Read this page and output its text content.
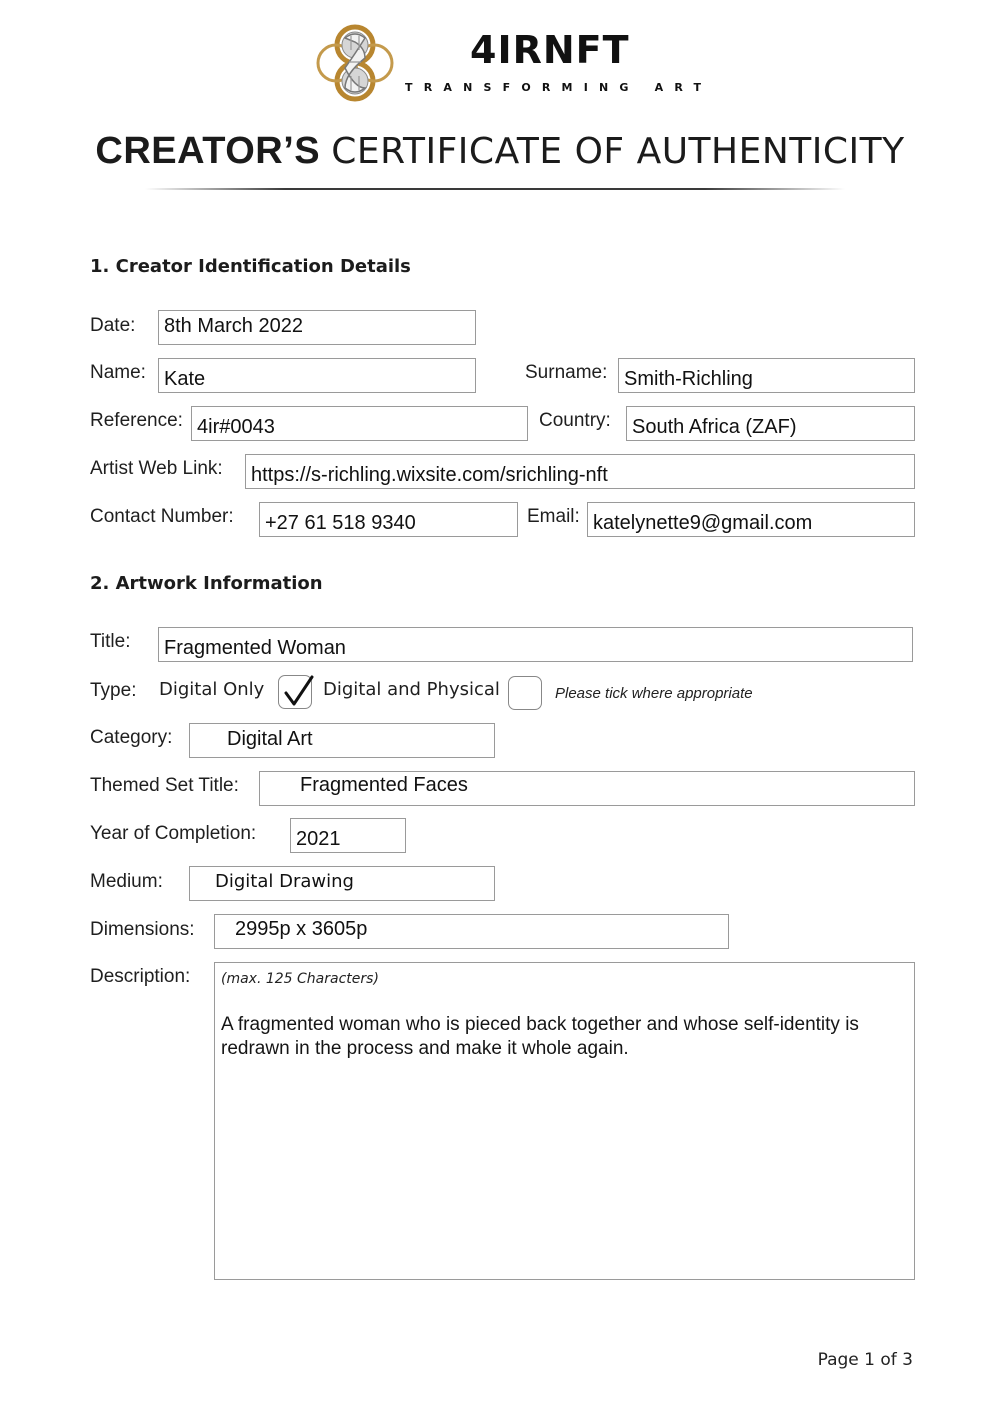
4IRNFT
TRANSFORMING ART
CREATOR’S CERTIFICATE OF AUTHENTICITY
1. Creator Identification Details
Date:	8th March 2022
Name: Kate	Surname: Smith-Richling
Reference: 4ir#0043	Country:	South Africa (ZAF)
Artist Web Link:	https://s-richling.wixsite.com/srichling-nft
Contact Number:	+27 61 518 9340	Email: katelynette9@gmail.com
2. Artwork Information
Title:	Fragmented Woman
Type: Digital Only	Digital and Physical	Please tick where appropriate
Category:	Digital Art
Themed Set Title:	Fragmented Faces
Year of Completion:	2021
Medium:	Digital Drawing
Dimensions:	2995p x 3605p
Description: (max. 125 Characters)
A fragmented woman who is pieced back together and whose self-identity is redrawn in the process and make it whole again.
Page 1 of 3
